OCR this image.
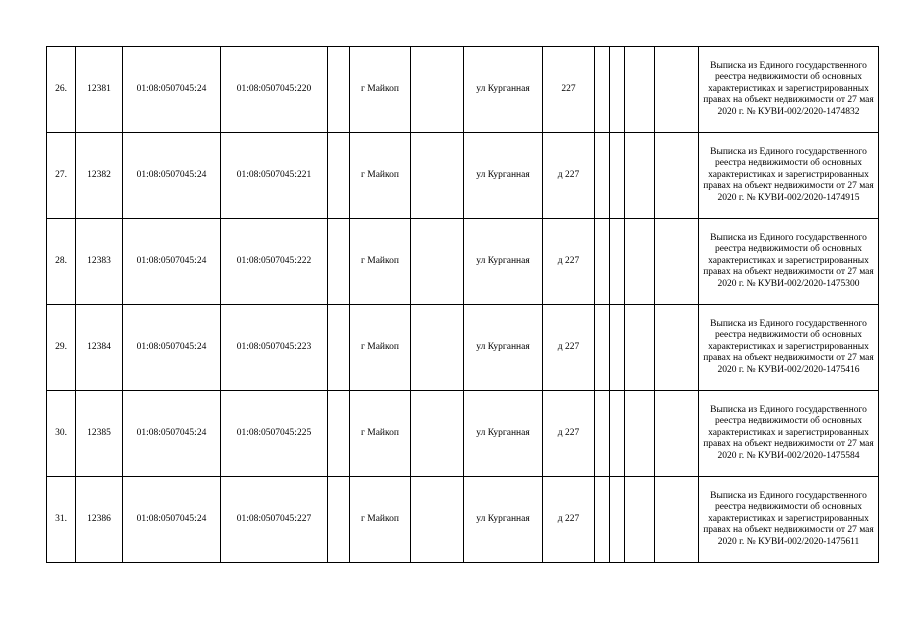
26.	12381	01:08:0507045:24	01:08:0507045:220		г Майкоп		ул Курганная	227					Выписка из Единого государственного реестра недвижимости об основных характеристиках и зарегистрированных правах на объект недвижимости от 27 мая 2020 г. № КУВИ-002/2020-1474832
27.	12382	01:08:0507045:24	01:08:0507045:221		г Майкоп		ул Курганная	д 227					Выписка из Единого государственного реестра недвижимости об основных характеристиках и зарегистрированных правах на объект недвижимости от 27 мая 2020 г. № КУВИ-002/2020-1474915
28.	12383	01:08:0507045:24	01:08:0507045:222		г Майкоп		ул Курганная	д 227					Выписка из Единого государственного реестра недвижимости об основных характеристиках и зарегистрированных правах на объект недвижимости от 27 мая 2020 г. № КУВИ-002/2020-1475300
29.	12384	01:08:0507045:24	01:08:0507045:223		г Майкоп		ул Курганная	д 227					Выписка из Единого государственного реестра недвижимости об основных характеристиках и зарегистрированных правах на объект недвижимости от 27 мая 2020 г. № КУВИ-002/2020-1475416
30.	12385	01:08:0507045:24	01:08:0507045:225		г Майкоп		ул Курганная	д 227					Выписка из Единого государственного реестра недвижимости об основных характеристиках и зарегистрированных правах на объект недвижимости от 27 мая 2020 г. № КУВИ-002/2020-1475584
31.	12386	01:08:0507045:24	01:08:0507045:227		г Майкоп		ул Курганная	д 227					Выписка из Единого государственного реестра недвижимости об основных характеристиках и зарегистрированных правах на объект недвижимости от 27 мая 2020 г. № КУВИ-002/2020-1475611
